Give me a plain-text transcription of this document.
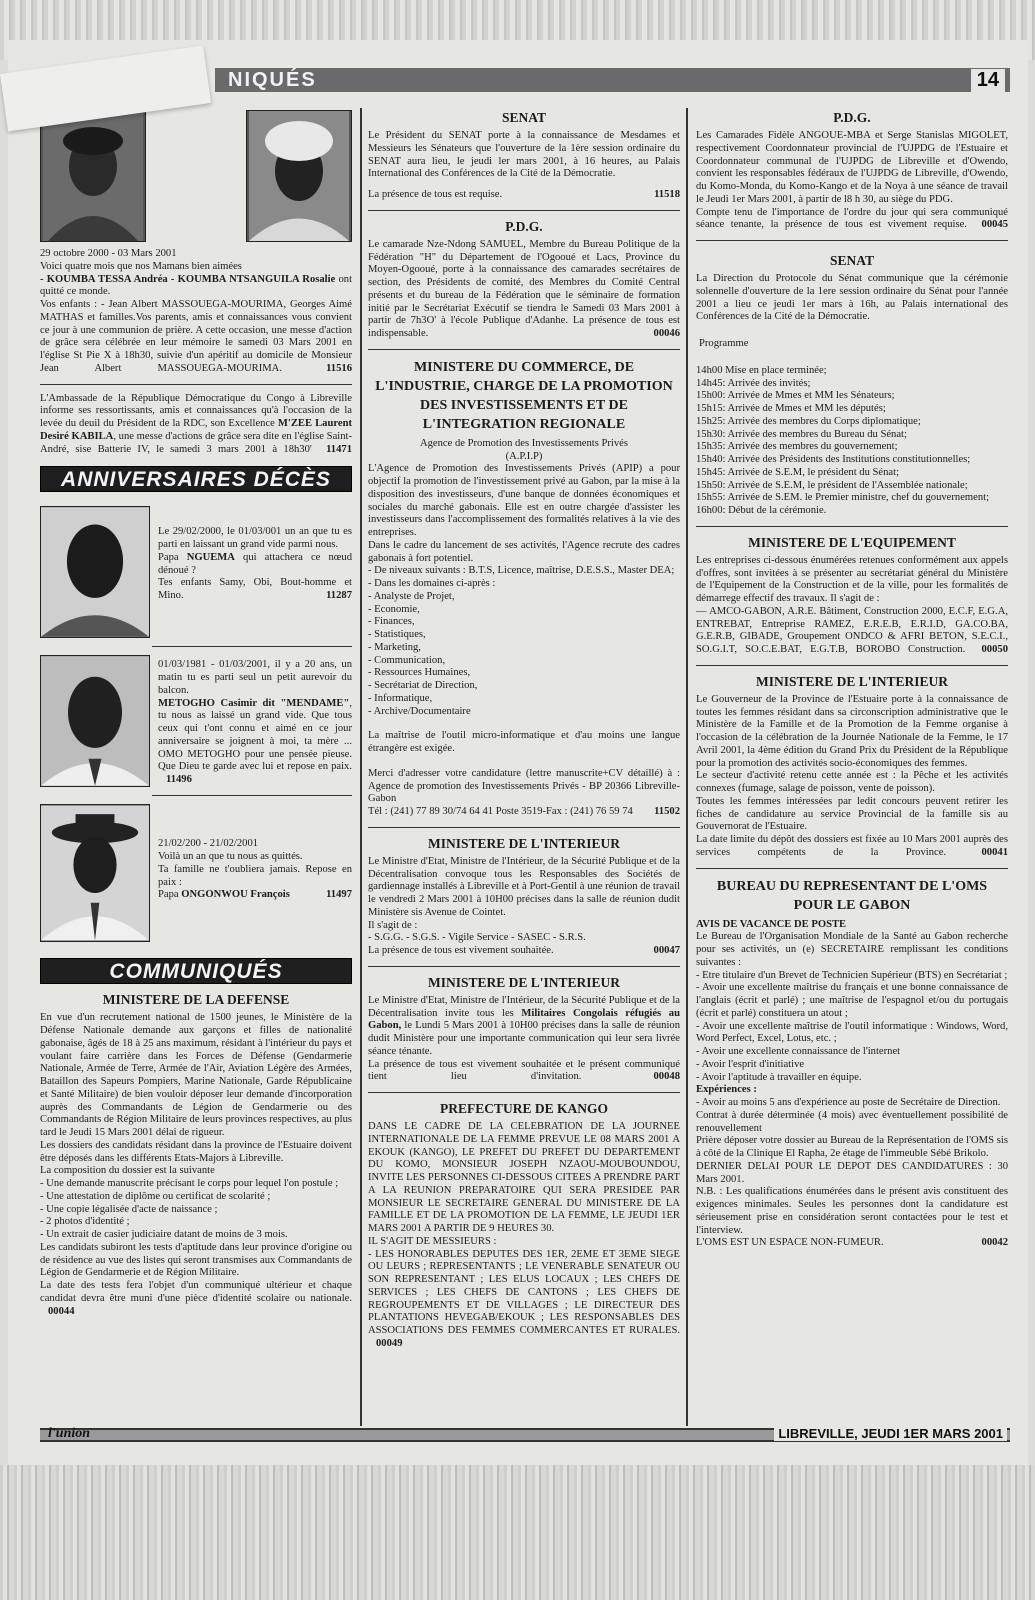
NIQUÉS	14

29 octobre 2000 - 03 Mars 2001

Voici quatre mois que nos Mamans bien aimées

- KOUMBA TESSA Andréa - KOUMBA NTSANGUILA Rosalie ont quitté ce monde.

Vos enfants : - Jean Albert MASSOUEGA-MOURIMA, Georges Aimé MATHAS et familles.Vos parents, amis et connaissances vous convient ce jour à une communion de prière. A cette occasion, une messe d'action de grâce sera célébrée en leur mémoire le samedi 03 Mars 2001 en l'église St Pie X à 18h30, suivie d'un apéritif au domicile de Monsieur Jean Albert MASSOUEGA-MOURIMA.	11516

L'Ambassade de la République Démocratique du Congo à Libreville informe ses ressortissants, amis et connaissances qu'à l'occasion de la levée du deuil du Président de la RDC, son Excellence M'ZEE Laurent Desiré KABILA, une messe d'actions de grâce sera dite en l'église Saint-André, sise Batterie IV, le samedi 3 mars 2001 à 18h30' 11471

ANNIVERSAIRES DÉCÈS

Le 29/02/2000, le 01/03/001 un an que tu es parti en laissant un grand vide parmi nous.

Papa NGUEMA qui attachera ce nœud dénoué ?

Tes enfants Samy, Obi, Bout-homme et Mino.	11287

01/03/1981 - 01/03/2001, il y a 20 ans, un matin tu es parti seul un petit aurevoir du balcon.

METOGHO Casimir dit "MENDAME", tu nous as laissé un grand vide. Que tous ceux qui t'ont connu et aimé en ce jour anniversaire se joignent à moi, ta mère ... OMO METOGHO pour une pensée pieuse. Que Dieu te garde avec lui et repose en paix. 11496

21/02/200 - 21/02/2001

Voilà un an que tu nous as quittés.

Ta famille ne t'oubliera jamais. Repose en paix :

Papa ONGONWOU François	11497
COMMUNIQUÉS
MINISTERE DE LA DEFENSE

En vue d'un recrutement national de 1500 jeunes, le Ministère de la Défense Nationale demande aux garçons et filles de nationalité gabonaise, âgés de 18 à 25 ans maximum, résidant à l'intérieur du pays et voulant faire carrière dans les Forces de Défense (Gendarmerie Nationale, Armée de Terre, Armée de l'Air, Aviation Légère des Armées, Bataillon des Sapeurs Pompiers, Marine Nationale, Garde Républicaine et Santé Militaire) de bien vouloir déposer leur demande d'incorporation auprès des Commandants de Légion de Gendarmerie ou des Commandants de Région Militaire de leurs provinces respectives, au plus tard le Jeudi 15 Mars 2001 délai de rigueur.

Les dossiers des candidats résidant dans la province de l'Estuaire doivent être déposés dans les différents Etats-Majors à Libreville.

La composition du dossier est la suivante

- Une demande manuscrite précisant le corps pour lequel l'on postule ;

- Une attestation de diplôme ou certificat de scolarité ;

- Une copie légalisée d'acte de naissance ;

- 2 photos d'identité ;

- Un extrait de casier judiciaire datant de moins de 3 mois.

Les candidats subiront les tests d'aptitude dans leur province d'origine ou de résidence au vue des listes qui seront transmises aux Commandants de Légion de Gendarmerie et de Région Militaire.

La date des tests fera l'objet d'un communiqué ultérieur et chaque candidat devra être muni d'une pièce d'identité scolaire ou nationale. 00044

SENAT

Le Président du SENAT porte à la connaissance de Mesdames et Messieurs les Sénateurs que l'ouverture de la 1ère session ordinaire du SENAT aura lieu, le jeudi ler mars 2001, à 16 heures, au Palais International des Conférences de la Cité de la Démocratie.

La présence de tous est requise.	11518
P.D.G.

Le camarade Nze-Ndong SAMUEL, Membre du Bureau Politique de la Fédération "H" du Département de l'Ogooué et Lacs, Province du Moyen-Ogooué, porte à la connaissance des camarades secrétaires de section, des Présidents de comité, des Membres du Comité Central présents et du bureau de la Fédération que le séminaire de formation initié par le Secrétariat Exécutif se tiendra le Samedi 03 Mars 2001 à partir de 7h3O' à l'école Publique d'Adanhe. La présence de tous est indispensable.	00046

MINISTERE DU COMMERCE, DE L'INDUSTRIE, CHARGE DE LA PROMOTION DES INVESTISSEMENTS ET DE L'INTEGRATION REGIONALE

Agence de Promotion des Investissements Privés

(A.P.I.P)

L'Agence de Promotion des Investissements Privés (APIP) a pour objectif la promotion de l'investissement privé au Gabon, par la mise à la disposition des investisseurs, d'une banque de données économiques et sociales du marché gabonais. Elle est en outre chargée d'assister les investisseurs dans l'accomplissement des formalités relatives à la vie des entreprises.

Dans le cadre du lancement de ses activités, l'Agence recrute des cadres gabonais à fort potentiel.

- De niveaux suivants : B.T.S, Licence, maîtrise, D.E.S.S., Master DEA;

- Dans les domaines ci-après :

- Analyste de Projet,

- Economie,

- Finances,

- Statistiques,

- Marketing,

- Communication,

- Ressources Humaines,

- Secrétariat de Direction,

- Informatique,

- Archive/Documentaire

La maîtrise de l'outil micro-informatique et d'au moins une langue étrangère est exigée.

Merci d'adresser votre candidature (lettre manuscrite+CV détaillé) à : Agence de promotion des Investissements Privés - BP 20366 Libreville-Gabon

Tél : (241) 77 89 30/74 64 41 Poste 3519-Fax : (241) 76 59 74 11502
MINISTERE DE L'INTERIEUR

Le Ministre d'Etat, Ministre de l'Intérieur, de la Sécurité Publique et de la Décentralisation convoque tous les Responsables des Sociétés de gardiennage installés à Libreville et à Port-Gentil à une réunion de travail le vendredi 2 Mars 2001 à 10H00 précises dans la salle de réunion dudit Ministère sis Avenue de Cointet.

Il s'agit de :

- S.G.G. - S.G.S. - Vigile Service - SASEC - S.R.S.

La présence de tous est vivement souhaitée.	00047
MINISTERE DE L'INTERIEUR

Le Ministre d'Etat, Ministre de l'Intérieur, de la Sécurité Publique et de la Décentralisation invite tous les Militaires Congolais réfugiés au Gabon, le Lundi 5 Mars 2001 à 10H00 précises dans la salle de réunion dudit Ministère pour une importante communication qui leur sera livrée séance ténante.

La présence de tous est vivement souhaitée et le présent communiqué tient lieu d'invitation.	00048

PREFECTURE DE KANGO

DANS LE CADRE DE LA CELEBRATION DE LA JOURNEE INTERNATIONALE DE LA FEMME PREVUE LE 08 MARS 2001 A EKOUK (KANGO), LE PREFET DU PREFET DU DEPARTEMENT DU KOMO, MONSIEUR JOSEPH NZAOU-MOUBOUNDOU, INVITE LES PERSONNES CI-DESSOUS CITEES A PRENDRE PART A LA REUNION PREPARATOIRE QUI SERA PRESIDEE PAR MONSIEUR LE SECRETAIRE GENERAL DU MINISTERE DE LA FAMILLE ET DE LA PROMOTION DE LA FEMME, LE JEUDI 1ER MARS 2001 A PARTIR DE 9 HEURES 30.

IL S'AGIT DE MESSIEURS :

- LES HONORABLES DEPUTES DES 1ER, 2EME ET 3EME SIEGE OU LEURS ; REPRESENTANTS ; LE VENERABLE SENATEUR OU SON REPRESENTANT ; LES ELUS LOCAUX ; LES CHEFS DE SERVICES ; LES CHEFS DE CANTONS ; LES CHEFS DE REGROUPEMENTS ET DE VILLAGES ; LE DIRECTEUR DES PLANTATIONS HEVEGAB/EKOUK ; LES RESPONSABLES DES ASSOCIATIONS DES FEMMES COMMERCANTES ET RURALES. 00049

P.D.G.

Les Camarades Fidèle ANGOUE-MBA et Serge Stanislas MIGOLET, respectivement Coordonnateur provincial de l'UJPDG de l'Estuaire et Coordonnateur communal de l'UJPDG de Libreville et d'Owendo, convient les responsables fédéraux de l'UJPDG de Libreville, d'Owendo, du Komo-Monda, du Komo-Kango et de la Noya à une séance de travail le Jeudi 1er Mars 2001, à partir de l8 h 30, au siège du PDG.

Compte tenu de l'importance de l'ordre du jour qui sera communiqué séance tenante, la présence de tous est vivement requise. 00045

SENAT

La Direction du Protocole du Sénat communique que la cérémonie solennelle d'ouverture de la 1ere session ordinaire du Sénat pour l'année 2001 a lieu ce jeudi 1er mars à 16h, au Palais international des Conférences de la Cité de la Démocratie.

Programme

14h00 Mise en place terminée;

14h45: Arrivée des invités;

15h00: Arrivée de Mmes et MM les Sénateurs;

15h15: Arrivée de Mmes et MM les députés;

15h25: Arrivée des membres du Corps diplomatique;

15h30: Arrivée des membres du Bureau du Sénat;

15h35: Arrivée des membres du gouvernement;

15h40: Arrivée des Présidents des Institutions constitutionnelles;

15h45: Arrivée de S.E.M, le président du Sénat;

15h50: Arrivée de S.E.M, le président de l'Assemblée nationale;

15h55: Arrivée de S.EM. le Premier ministre, chef du gouvernement;

16h00: Début de la cérémonie.

MINISTERE DE L'EQUIPEMENT

Les entreprises ci-dessous énumérées retenues conformément aux appels d'offres, sont invitées à se présenter au secrétariat général du Ministère de l'Equipement de la Construction et de la ville, pour les formalités de démarrege effectif des travaux. Il s'agit de :

— AMCO-GABON, A.R.E. Bâtiment, Construction 2000, E.C.F, E.G.A, ENTREBAT, Entreprise RAMEZ, E.R.E.B, E.R.I.D, GA.CO.BA, G.E.R.B, GIBADE, Groupement ONDCO & AFRI BETON, S.E.C.I., SO.G.I.T, SO.C.E.BAT, E.G.T.B, BOROBO Construction. 00050

MINISTERE DE L'INTERIEUR

Le Gouverneur de la Province de l'Estuaire porte à la connaissance de toutes les femmes résidant dans sa circonscription administrative que le Ministère de la Famille et de la Promotion de la Femme organise à l'occasion de la célébration de la Journée Nationale de la Femme, le 17 Avril 2001, la 4ème édition du Grand Prix du Président de la République pour la promotion des activités socio-économiques des femmes.

Le secteur d'activité retenu cette année est : la Pêche et les activités connexes (fumage, salage de poisson, vente de poisson).

Toutes les femmes intéressées par ledit concours peuvent retirer les fiches de candidature au service Provincial de la famille sis au Gouvernorat de l'Estuaire.

La date limite du dépôt des dossiers est fixée au 10 Mars 2001 auprès des services compétents de la Province.	00041

BUREAU DU REPRESENTANT DE L'OMS POUR LE GABON

AVIS DE VACANCE DE POSTE

Le Bureau de l'Organisation Mondiale de la Santé au Gabon recherche pour ses activités, un (e) SECRETAIRE remplissant les conditions suivantes :

- Etre titulaire d'un Brevet de Technicien Supérieur (BTS) en Secrétariat ;

- Avoir une excellente maîtrise du français et une bonne connaissance de l'anglais (écrit et parlé) ; une maîtrise de l'espagnol et/ou du portugais (écrit et parlé) constituera un atout ;

- Avoir une excellente maîtrise de l'outil informatique : Windows, Word, Word Perfect, Excel, Lotus, etc. ;

- Avoir une excellente connaissance de l'internet

- Avoir l'esprit d'initiative

- Avoir l'aptitude à travailler en équipe.

Expériences :

- Avoir au moins 5 ans d'expérience au poste de Secrétaire de Direction.

Contrat à durée déterminée (4 mois) avec éventuellement possibilité de renouvellement

Prière déposer votre dossier au Bureau de la Représentation de l'OMS sis à côté de la Clinique El Rapha, 2e étage de l'immeuble Sébé Brikolo.

DERNIER DELAI POUR LE DEPOT DES CANDIDATURES : 30 Mars 2001.

N.B. : Les qualifications énumérées dans le présent avis constituent des exigences minimales. Seules les personnes dont la candidature est sérieusement prise en considération seront contactées pour le test et l'interview.

L'OMS EST UN ESPACE NON-FUMEUR.	00042
l'union	LIBREVILLE, JEUDI 1ER MARS 2001
